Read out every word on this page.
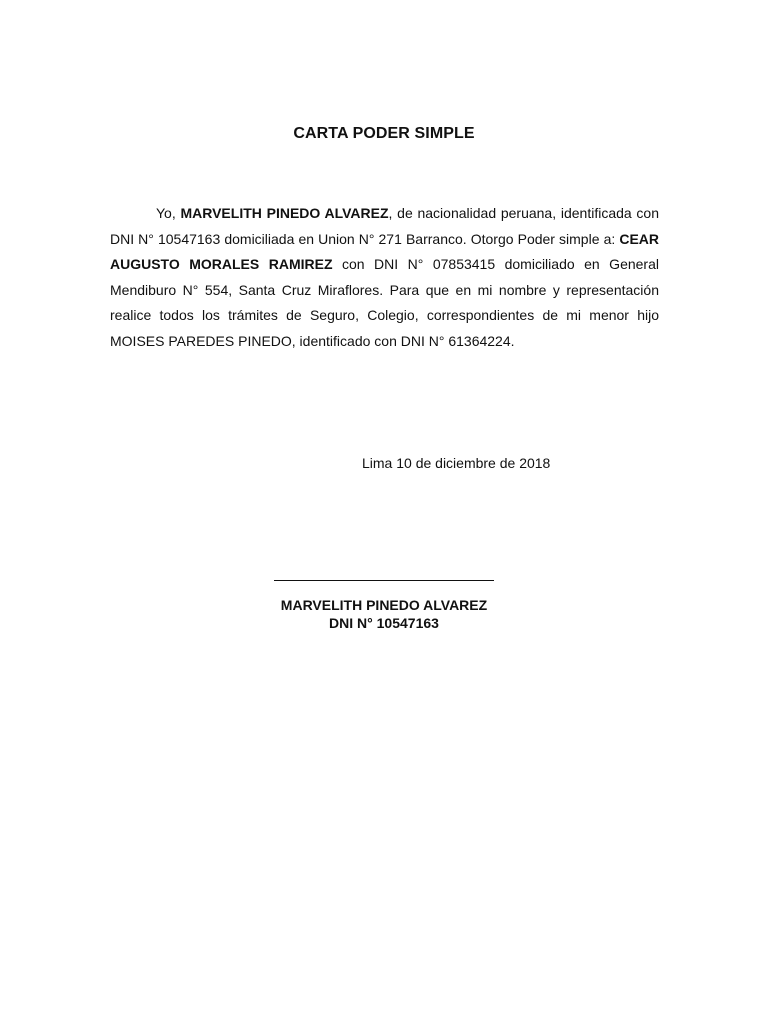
CARTA PODER SIMPLE

Yo, MARVELITH PINEDO ALVAREZ, de nacionalidad peruana, identificada con DNI N° 10547163 domiciliada en Union N° 271 Barranco. Otorgo Poder simple a: CEAR AUGUSTO MORALES RAMIREZ con DNI N° 07853415 domiciliado en General Mendiburo N° 554, Santa Cruz Miraflores. Para que en mi nombre y representación realice todos los trámites de Seguro, Colegio, correspondientes de mi menor hijo MOISES PAREDES PINEDO, identificado con DNI N° 61364224.

Lima 10 de diciembre de 2018
MARVELITH PINEDO ALVAREZ
DNI N° 10547163
